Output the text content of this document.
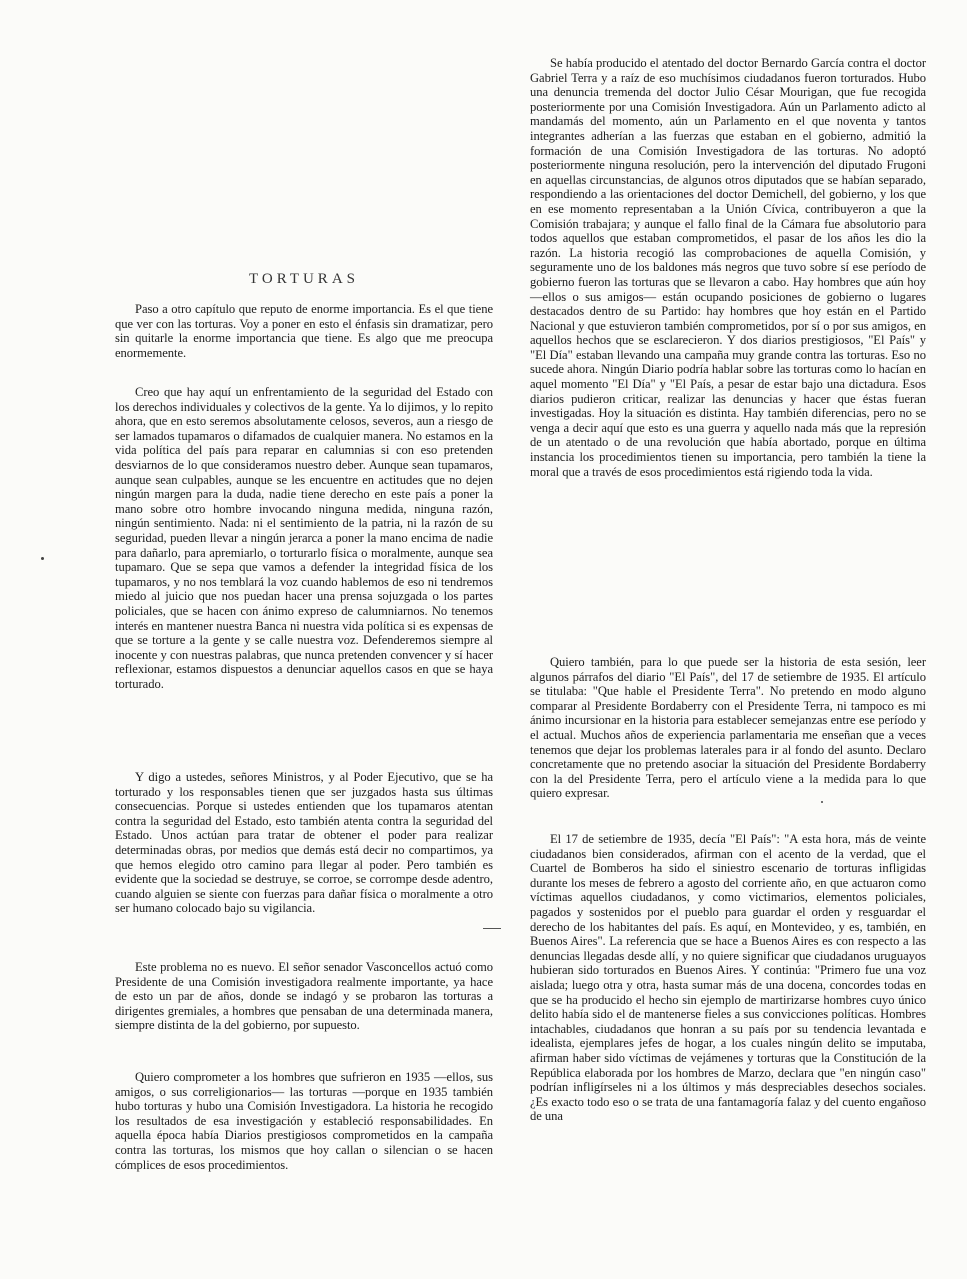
TORTURAS

Paso a otro capítulo que reputo de enorme importancia. Es el que tiene que ver con las torturas. Voy a poner en esto el énfasis sin dramatizar, pero sin quitarle la enorme importancia que tiene. Es algo que me preocupa enormemente.

Creo que hay aquí un enfrentamiento de la seguridad del Estado con los derechos individuales y colectivos de la gente. Ya lo dijimos, y lo repito ahora, que en esto seremos absolutamente celosos, severos, aun a riesgo de ser lamados tupamaros o difamados de cualquier manera. No estamos en la vida política del país para reparar en calumnias si con eso pretenden desviarnos de lo que consideramos nuestro deber. Aunque sean tupamaros, aunque sean culpables, aunque se les encuentre en actitudes que no dejen ningún margen para la duda, nadie tiene derecho en este país a poner la mano sobre otro hombre invocando ninguna medida, ninguna razón, ningún sentimiento. Nada: ni el sentimiento de la patria, ni la razón de su seguridad, pueden llevar a ningún jerarca a poner la mano encima de nadie para dañarlo, para apremiarlo, o torturarlo física o moralmente, aunque sea tupamaro. Que se sepa que vamos a defender la integridad física de los tupamaros, y no nos temblará la voz cuando hablemos de eso ni tendremos miedo al juicio que nos puedan hacer una prensa sojuzgada o los partes policiales, que se hacen con ánimo expreso de calumniarnos. No tenemos interés en mantener nuestra Banca ni nuestra vida política si es expensas de que se torture a la gente y se calle nuestra voz. Defenderemos siempre al inocente y con nuestras palabras, que nunca pretenden convencer y sí hacer reflexionar, estamos dispuestos a denunciar aquellos casos en que se haya torturado.

Y digo a ustedes, señores Ministros, y al Poder Ejecutivo, que se ha torturado y los responsables tienen que ser juzgados hasta sus últimas consecuencias. Porque si ustedes entienden que los tupamaros atentan contra la seguridad del Estado, esto también atenta contra la seguridad del Estado. Unos actúan para tratar de obtener el poder para realizar determinadas obras, por medios que demás está decir no compartimos, ya que hemos elegido otro camino para llegar al poder. Pero también es evidente que la sociedad se destruye, se corroe, se corrompe desde adentro, cuando alguien se siente con fuerzas para dañar física o moralmente a otro ser humano colocado bajo su vigilancia.

Este problema no es nuevo. El señor senador Vasconcellos actuó como Presidente de una Comisión investigadora realmente importante, ya hace de esto un par de años, donde se indagó y se probaron las torturas a dirigentes gremiales, a hombres que pensaban de una determinada manera, siempre distinta de la del gobierno, por supuesto.

Quiero comprometer a los hombres que sufrieron en 1935 —ellos, sus amigos, o sus correligionarios— las torturas —porque en 1935 también hubo torturas y hubo una Comisión Investigadora. La historia he recogido los resultados de esa investigación y estableció responsabilidades. En aquella época había Diarios prestigiosos comprometidos en la campaña contra las torturas, los mismos que hoy callan o silencian o se hacen cómplices de esos procedimientos.

Se había producido el atentado del doctor Bernardo García contra el doctor Gabriel Terra y a raíz de eso muchísimos ciudadanos fueron torturados. Hubo una denuncia tremenda del doctor Julio César Mourigan, que fue recogida posteriormente por una Comisión Investigadora. Aún un Parlamento adicto al mandamás del momento, aún un Parlamento en el que noventa y tantos integrantes adherían a las fuerzas que estaban en el gobierno, admitió la formación de una Comisión Investigadora de las torturas. No adoptó posteriormente ninguna resolución, pero la intervención del diputado Frugoni en aquellas circunstancias, de algunos otros diputados que se habían separado, respondiendo a las orientaciones del doctor Demichell, del gobierno, y los que en ese momento representaban a la Unión Cívica, contribuyeron a que la Comisión trabajara; y aunque el fallo final de la Cámara fue absolutorio para todos aquellos que estaban comprometidos, el pasar de los años les dio la razón. La historia recogió las comprobaciones de aquella Comisión, y seguramente uno de los baldones más negros que tuvo sobre sí ese período de gobierno fueron las torturas que se llevaron a cabo. Hay hombres que aún hoy —ellos o sus amigos— están ocupando posiciones de gobierno o lugares destacados dentro de su Partido: hay hombres que hoy están en el Partido Nacional y que estuvieron también comprometidos, por sí o por sus amigos, en aquellos hechos que se esclarecieron. Y dos diarios prestigiosos, "El País" y "El Día" estaban llevando una campaña muy grande contra las torturas. Eso no sucede ahora. Ningún Diario podría hablar sobre las torturas como lo hacían en aquel momento "El Día" y "El País, a pesar de estar bajo una dictadura. Esos diarios pudieron criticar, realizar las denuncias y hacer que éstas fueran investigadas. Hoy la situación es distinta. Hay también diferencias, pero no se venga a decir aquí que esto es una guerra y aquello nada más que la represión de un atentado o de una revolución que había abortado, porque en última instancia los procedimientos tienen su importancia, pero también la tiene la moral que a través de esos procedimientos está rigiendo toda la vida.

Quiero también, para lo que puede ser la historia de esta sesión, leer algunos párrafos del diario "El País", del 17 de setiembre de 1935. El artículo se titulaba: "Que hable el Presidente Terra". No pretendo en modo alguno comparar al Presidente Bordaberry con el Presidente Terra, ni tampoco es mi ánimo incursionar en la historia para establecer semejanzas entre ese período y el actual. Muchos años de experiencia parlamentaria me enseñan que a veces tenemos que dejar los problemas laterales para ir al fondo del asunto. Declaro concretamente que no pretendo asociar la situación del Presidente Bordaberry con la del Presidente Terra, pero el artículo viene a la medida para lo que quiero expresar.

El 17 de setiembre de 1935, decía "El País": "A esta hora, más de veinte ciudadanos bien considerados, afirman con el acento de la verdad, que el Cuartel de Bomberos ha sido el siniestro escenario de torturas infligidas durante los meses de febrero a agosto del corriente año, en que actuaron como víctimas aquellos ciudadanos, y como victimarios, elementos policiales, pagados y sostenidos por el pueblo para guardar el orden y resguardar el derecho de los habitantes del país. Es aquí, en Montevideo, y es, también, en Buenos Aires". La referencia que se hace a Buenos Aires es con respecto a las denuncias llegadas desde allí, y no quiere significar que ciudadanos uruguayos hubieran sido torturados en Buenos Aires. Y continúa: "Primero fue una voz aislada; luego otra y otra, hasta sumar más de una docena, concordes todas en que se ha producido el hecho sin ejemplo de martirizarse hombres cuyo único delito había sido el de mantenerse fieles a sus convicciones políticas. Hombres intachables, ciudadanos que honran a su país por su tendencia levantada e idealista, ejemplares jefes de hogar, a los cuales ningún delito se imputaba, afirman haber sido víctimas de vejámenes y torturas que la Constitución de la República elaborada por los hombres de Marzo, declara que "en ningún caso" podrían infligírseles ni a los últimos y más despreciables desechos sociales. ¿Es exacto todo eso o se trata de una fantamagoría falaz y del cuento engañoso de una
